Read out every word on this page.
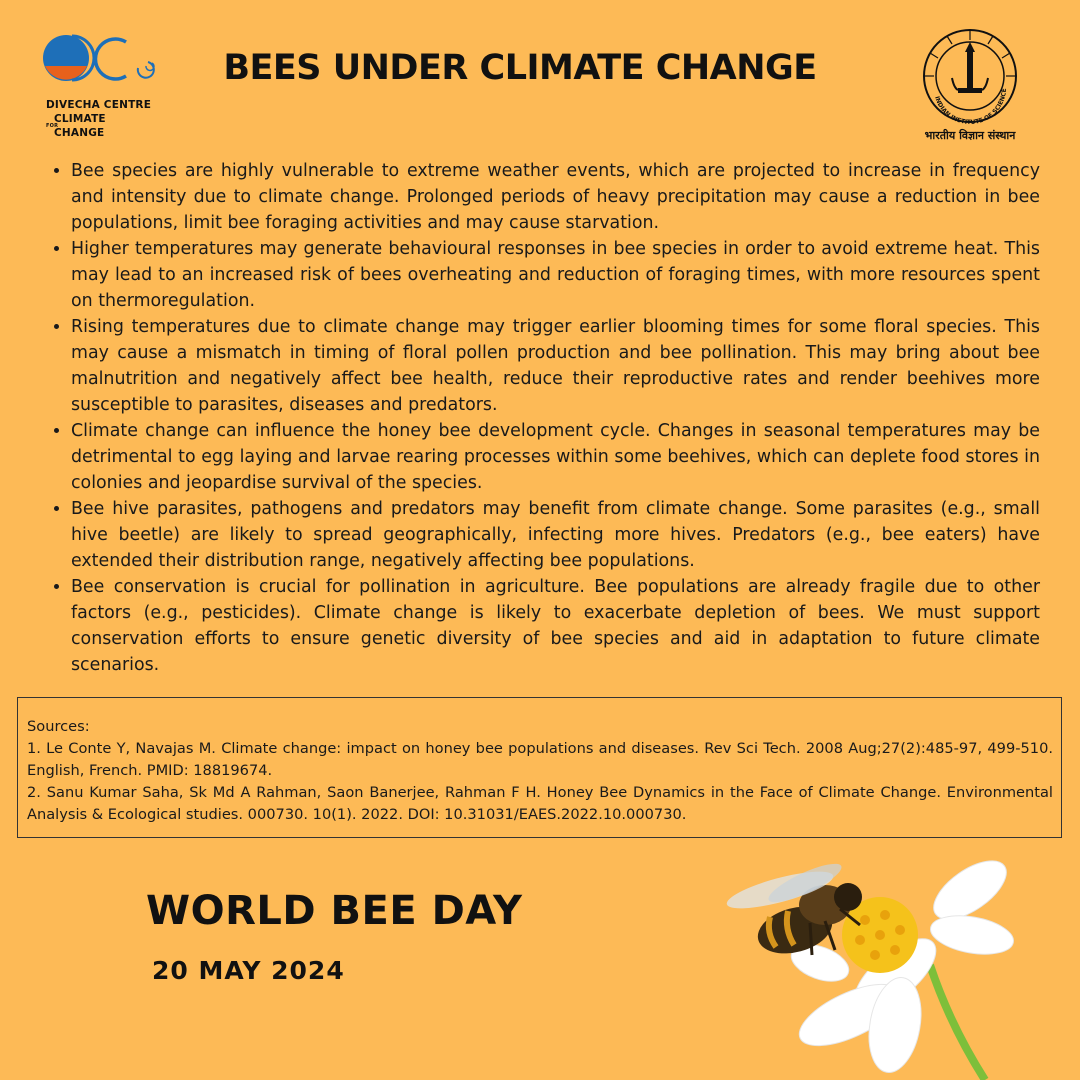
DIVECHA CENTRE
FOR
CLIMATE CHANGE
BEES UNDER CLIMATE CHANGE
INDIAN INSTITUTE OF SCIENCE
भारतीय विज्ञान संस्थान
• Bee species are highly vulnerable to extreme weather events, which are projected to increase in frequency and intensity due to climate change. Prolonged periods of heavy precipitation may cause a reduction in bee populations, limit bee foraging activities and may cause starvation.
• Higher temperatures may generate behavioural responses in bee species in order to avoid extreme heat. This may lead to an increased risk of bees overheating and reduction of foraging times, with more resources spent on thermoregulation.
• Rising temperatures due to climate change may trigger earlier blooming times for some floral species. This may cause a mismatch in timing of floral pollen production and bee pollination. This may bring about bee malnutrition and negatively affect bee health, reduce their reproductive rates and render beehives more susceptible to parasites, diseases and predators.
• Climate change can influence the honey bee development cycle. Changes in seasonal temperatures may be detrimental to egg laying and larvae rearing processes within some beehives, which can deplete food stores in colonies and jeopardise survival of the species.
• Bee hive parasites, pathogens and predators may benefit from climate change. Some parasites (e.g., small hive beetle) are likely to spread geographically, infecting more hives. Predators (e.g., bee eaters) have extended their distribution range, negatively affecting bee populations.
• Bee conservation is crucial for pollination in agriculture. Bee populations are already fragile due to other factors (e.g., pesticides). Climate change is likely to exacerbate depletion of bees. We must support conservation efforts to ensure genetic diversity of bee species and aid in adaptation to future climate scenarios.
Sources:
1. Le Conte Y, Navajas M. Climate change: impact on honey bee populations and diseases. Rev Sci Tech. 2008 Aug;27(2):485-97, 499-510. English, French. PMID: 18819674.
2. Sanu Kumar Saha, Sk Md A Rahman, Saon Banerjee, Rahman F H. Honey Bee Dynamics in the Face of Climate Change. Environmental Analysis & Ecological studies. 000730. 10(1). 2022. DOI: 10.31031/EAES.2022.10.000730.
WORLD BEE DAY
20 MAY 2024
